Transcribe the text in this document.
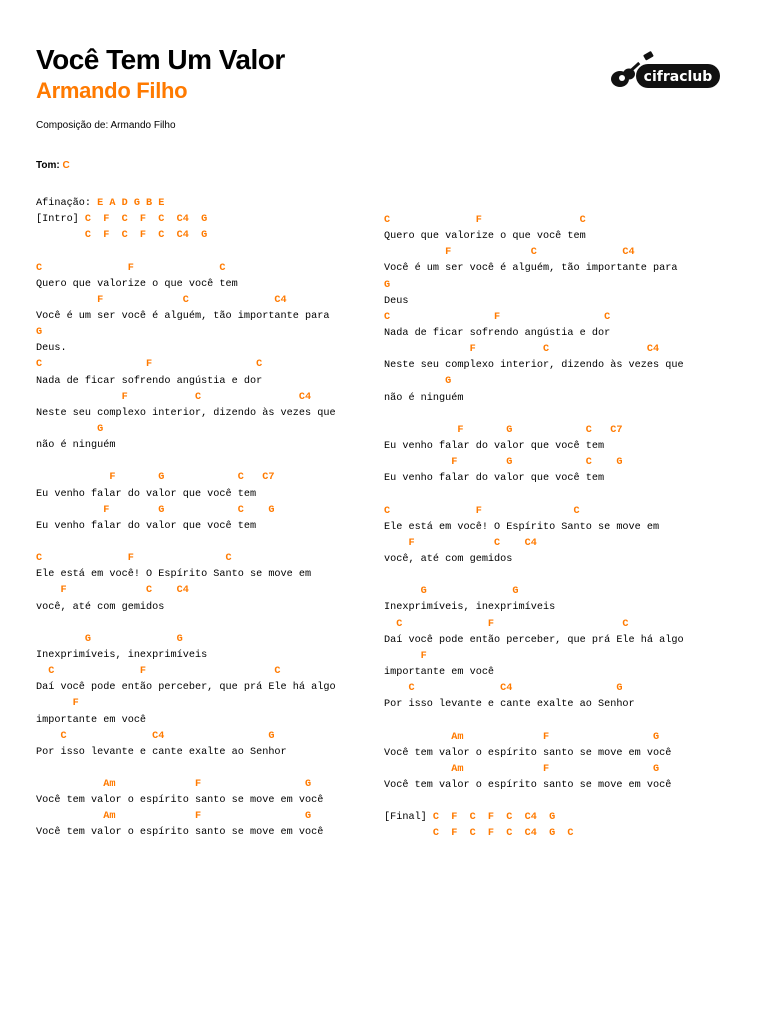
Você Tem Um Valor
Armando Filho
Composição de: Armando Filho
Tom: C
cifraclub
Afinação: E A D G B E
[Intro] C  F  C  F  C  C4  G
C  F  C  F  C  C4  G
C              F              C
Quero que valorize o que você tem
F             C              C4
Você é um ser você é alguém, tão importante para
G
Deus.
C                 F                 C
Nada de ficar sofrendo angústia e dor
F           C                C4
Neste seu complexo interior, dizendo às vezes que
G
não é ninguém
F       G            C   C7
Eu venho falar do valor que você tem
F        G            C    G
Eu venho falar do valor que você tem
C              F               C
Ele está em você! O Espírito Santo se move em
F             C    C4
você, até com gemidos
G              G
Inexprimíveis, inexprimíveis
C              F                     C
Daí você pode então perceber, que prá Ele há algo
F
importante em você
C              C4                 G
Por isso levante e cante exalte ao Senhor
Am             F                 G
Você tem valor o espírito santo se move em você
Am             F                 G
Você tem valor o espírito santo se move em você
C              F                C
Quero que valorize o que você tem
F             C              C4
Você é um ser você é alguém, tão importante para
G
Deus
C                 F                 C
Nada de ficar sofrendo angústia e dor
F           C                C4
Neste seu complexo interior, dizendo às vezes que
G
não é ninguém
F       G            C   C7
Eu venho falar do valor que você tem
F        G            C    G
Eu venho falar do valor que você tem
C              F               C
Ele está em você! O Espírito Santo se move em
F             C    C4
você, até com gemidos
G              G
Inexprimíveis, inexprimíveis
C              F                     C
Daí você pode então perceber, que prá Ele há algo
F
importante em você
C              C4                 G
Por isso levante e cante exalte ao Senhor
Am             F                 G
Você tem valor o espírito santo se move em você
Am             F                 G
Você tem valor o espírito santo se move em você
[Final] C  F  C  F  C  C4  G
C  F  C  F  C  C4  G  C
